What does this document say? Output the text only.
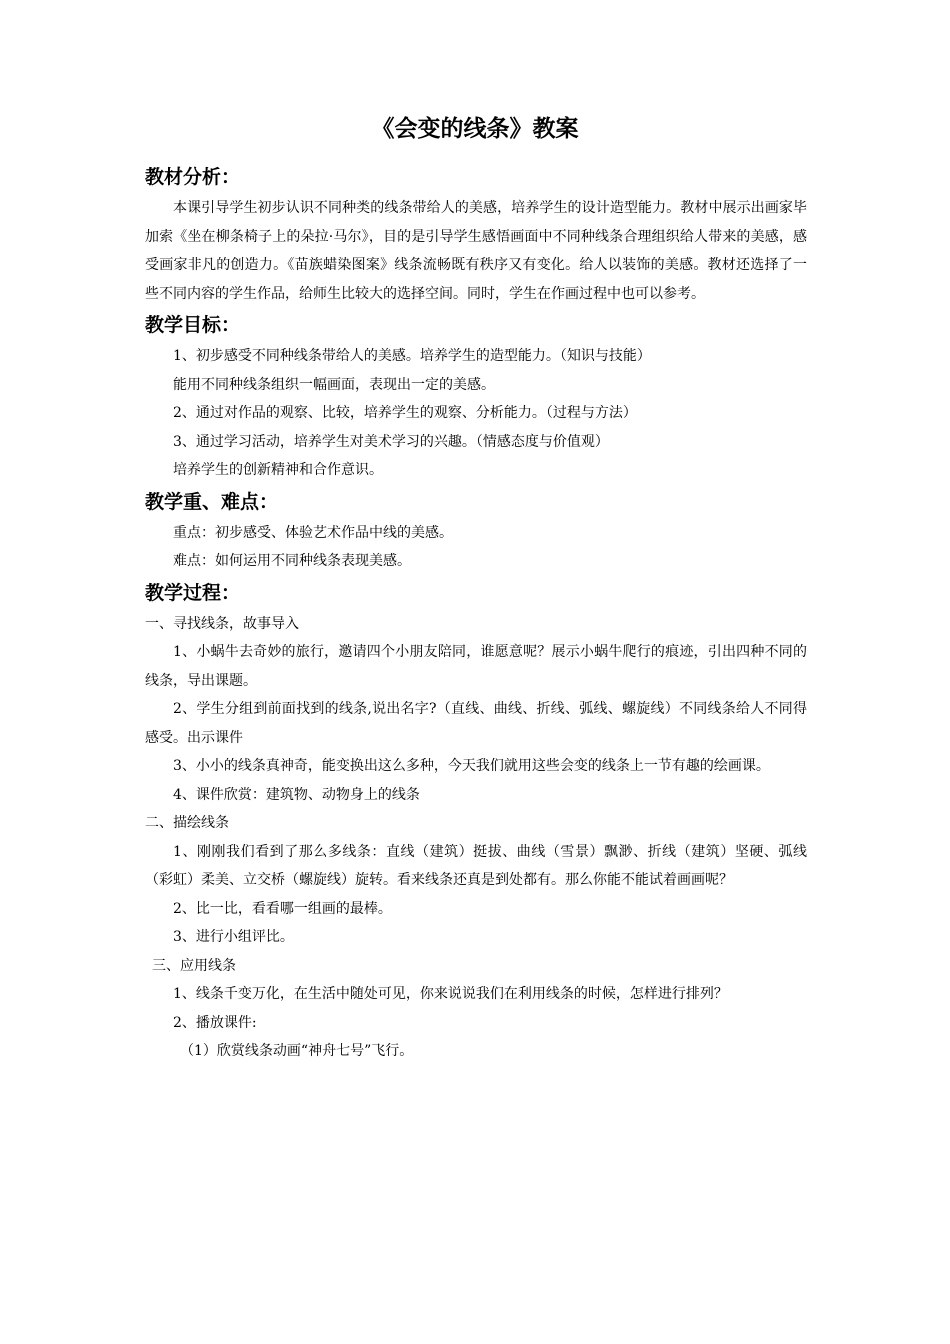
《会变的线条》教案

教材分析：

本课引导学生初步认识不同种类的线条带给人的美感，培养学生的设计造型能力。教材中展示出画家毕加索《坐在柳条椅子上的朵拉·马尔》，目的是引导学生感悟画面中不同种线条合理组织给人带来的美感，感受画家非凡的创造力。《苗族蜡染图案》线条流畅既有秩序又有变化。给人以装饰的美感。教材还选择了一些不同内容的学生作品，给师生比较大的选择空间。同时，学生在作画过程中也可以参考。

教学目标：

1、初步感受不同种线条带给人的美感。培养学生的造型能力。（知识与技能）

能用不同种线条组织一幅画面，表现出一定的美感。

2、通过对作品的观察、比较，培养学生的观察、分析能力。（过程与方法）

3、通过学习活动，培养学生对美术学习的兴趣。（情感态度与价值观）

培养学生的创新精神和合作意识。

教学重、难点：

重点：初步感受、体验艺术作品中线的美感。

难点：如何运用不同种线条表现美感。

教学过程：

一、寻找线条，故事导入

1、小蜗牛去奇妙的旅行，邀请四个小朋友陪同，谁愿意呢？展示小蜗牛爬行的痕迹，引出四种不同的线条，导出课题。

2、学生分组到前面找到的线条,说出名字?（直线、曲线、折线、弧线、螺旋线）不同线条给人不同得感受。出示课件

3、小小的线条真神奇，能变换出这么多种，今天我们就用这些会变的线条上一节有趣的绘画课。

4、课件欣赏：建筑物、动物身上的线条

二、描绘线条

1、刚刚我们看到了那么多线条：直线（建筑）挺拔、曲线（雪景）飘渺、折线（建筑）坚硬、弧线（彩虹）柔美、立交桥（螺旋线）旋转。看来线条还真是到处都有。那么你能不能试着画画呢？

2、比一比，看看哪一组画的最棒。

3、进行小组评比。

三、应用线条

1、线条千变万化，在生活中随处可见，你来说说我们在利用线条的时候，怎样进行排列？

2、播放课件:

（1）欣赏线条动画“神舟七号”飞行。
